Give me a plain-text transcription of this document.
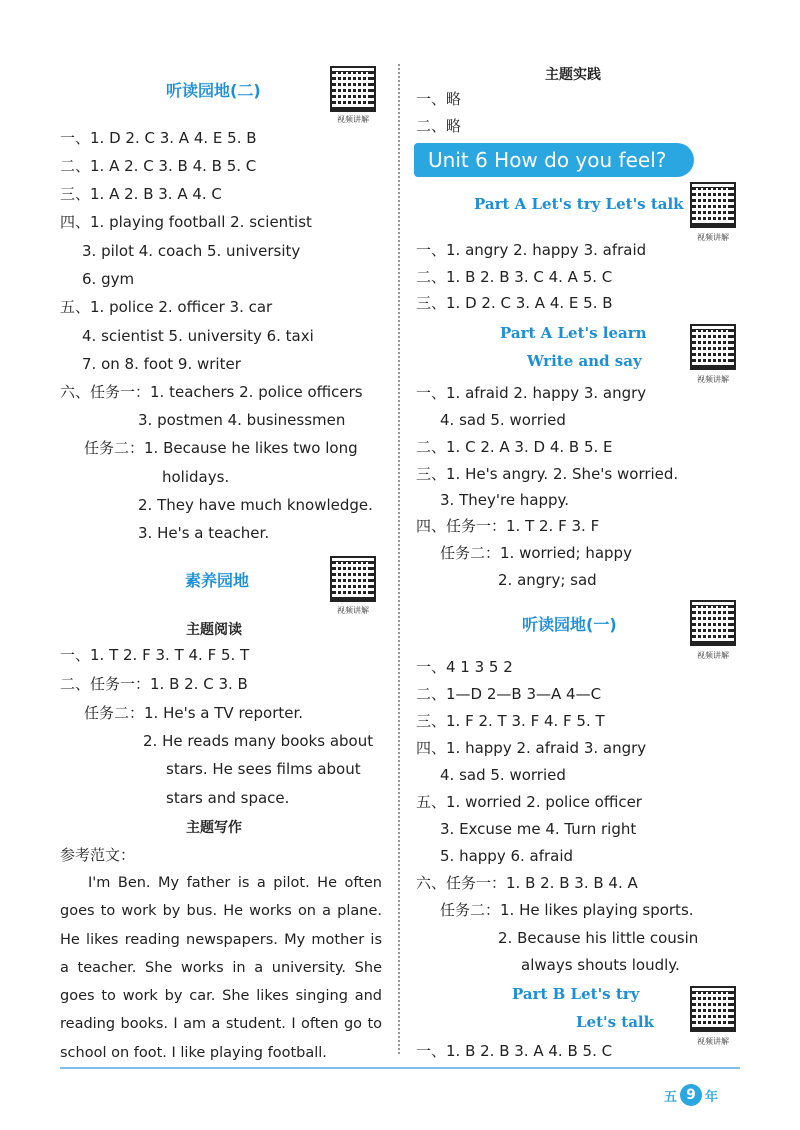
听读园地(二)
视频讲解
一、1. D 2. C 3. A 4. E 5. B
二、1. A 2. C 3. B 4. B 5. C
三、1. A 2. B 3. A 4. C
四、1. playing football 2. scientist
3. pilot 4. coach 5. university
6. gym
五、1. police 2. officer 3. car
4. scientist 5. university 6. taxi
7. on 8. foot 9. writer
六、任务一：1. teachers 2. police officers
3. postmen 4. businessmen
任务二：1. Because he likes two long
holidays.
2. They have much knowledge.
3. He's a teacher.
素养园地
视频讲解
主题阅读
一、1. T 2. F 3. T 4. F 5. T
二、任务一：1. B 2. C 3. B
任务二：1. He's a TV reporter.
2. He reads many books about
stars. He sees films about
stars and space.
主题写作
参考范文：
I'm Ben. My father is a pilot. He often goes to work by bus. He works on a plane. He likes reading newspapers. My mother is a teacher. She works in a university. She goes to work by car. She likes singing and reading books. I am a student. I often go to school on foot. I like playing football.
主题实践
一、略
二、略
Unit 6 How do you feel?
Part A Let's try Let's talk
视频讲解
一、1. angry 2. happy 3. afraid
二、1. B 2. B 3. C 4. A 5. C
三、1. D 2. C 3. A 4. E 5. B
Part A Let's learn
Write and say
视频讲解
一、1. afraid 2. happy 3. angry
4. sad 5. worried
二、1. C 2. A 3. D 4. B 5. E
三、1. He's angry. 2. She's worried.
3. They're happy.
四、任务一：1. T 2. F 3. F
任务二：1. worried; happy
2. angry; sad
听读园地(一)
视频讲解
一、4 1 3 5 2
二、1—D 2—B 3—A 4—C
三、1. F 2. T 3. F 4. F 5. T
四、1. happy 2. afraid 3. angry
4. sad 5. worried
五、1. worried 2. police officer
3. Excuse me 4. Turn right
5. happy 6. afraid
六、任务一：1. B 2. B 3. B 4. A
任务二：1. He likes playing sports.
2. Because his little cousin
always shouts loudly.
Part B Let's try
Let's talk
视频讲解
一、1. B 2. B 3. A 4. B 5. C
五 9 年
